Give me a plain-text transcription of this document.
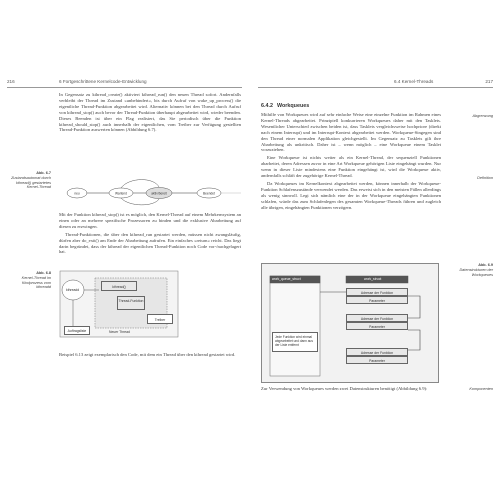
216	6 Fortgeschrittene Kernelcode-Entwicklung

In Gegensatz zu kthread_create() aktiviert kthread_run() den neuen Thread sofort. Andernfalls verbleibt der Thread im Zustand »unbehindert«, bis durch Aufruf von wake_up_process() die eigentliche Thread-Funktion abgearbeitet wird. Alternativ können bei den Thread durch Aufruf von kthread_stop() auch bevor der Thread-Funktion überhaupt abgearbeitet wird, wieder beenden. Dieses Beenden ist über ein Flag realisiert, das Sie periodisch über die Funktion kthread_should_stop() auch innerhalb der eigentlichen, vom Treiber zur Verfügung gestellten Thread-Funktion auswerten können (Abbildung 6.7).

Abb. 6.7
Zustandsautomat durch kthread() gestartetes Kernel-Thread
neu	Wartend	aktiv/bereit	Beendet

Mit der Funktion kthread_stop() ist es möglich, den Kernel-Thread auf einem Mehrkernsystem an einen oder an mehrere spezifische Prozessoren zu binden und die exklusive Abarbeitung auf diesen zu erzwingen.

Thread-Funktionen, die über den kthread_run gestartet werden, müssen nicht zwangsläufig, dürfen aber do_exit() am Ende der Abarbeitung aufrufen. Ein einfaches »return« reicht. Das liegt darin begründet, dass der kthread der eigentlichen Thread-Funktion noch Code vor-/nachgelagert hat.

Abb. 6.8
Kernel-Thread im Kindprozess vom kthreadd
kthreadd
kthread()
Thread-Funktion
Treiber
Auftragsliste	Neuer Thread

Beispiel 6.13 zeigt exemplarisch den Code, mit dem ein Thread über den kthread gestartet wird.

6.4 Kernel-Threads	217
6.4.2 Workqueues

Mithilfe von Workqueues wird auf sehr einfache Weise eine einzelne Funktion im Rahmen eines Kernel-Threads abgearbeitet. Prinzipiell konkurrieren Workqueues daher mit den Tasklets. Wesentlicher Unterschied zwischen beiden ist, dass Tasklets vergleichsweise hochpriore (direkt nach einem Interrupt) und im Interrupt-Kontext abgearbeitet werden. Workqueue-Singegen sind den Thread einer normalen Applikation gleichgestellt. Im Gegensatz zu Tasklets gilt ihre Abarbeitung als unkritisch. Daher ist – wenn möglich – eine Workqueue einem Tasklet vorzuziehen.

Eine Workqueue ist nichts weiter als ein Kernel-Thread, der sequenziell Funktionen abarbeitet, deren Adressen zuvor in eine Art Workqueue gehörigen Liste eingehängt wurden. Nur wenn in dieser Liste mindestens eine Funktion eingehängt ist, wird die Workqueue aktiv, andernfalls schläft der zugehörige Kernel-Thread.

Da Workqueues im Kernelkontext abgearbeitet werden, können innerhalb der Workqueue-Funktion Schlafenszustände verwendet werden. Das erweist sich in den meisten Fällen allerdings als wenig sinnvoll. Legt sich nämlich eine der in der Workqueue eingehängten Funktionen schlafen, würde das zum Schlafenlegen des gesamten Workqueue-Threads führen und zugleich alle übrigen, eingehängten Funktionen verzögern.

Abgrenzung
Definition
work_queue_struct	work_struct
Adresse der Funktion
Parameter
Adresse der Funktion
Parameter
Adresse der Funktion
Parameter
Jede Funktion wird einmal abgearbeitet und dann aus der Liste entfernt
Abb. 6.9
Datenstrukturen der Workqueues

Zur Verwendung von Workqueues werden zwei Datenstrukturen benötigt (Abbildung 6.9):	Komponenten
